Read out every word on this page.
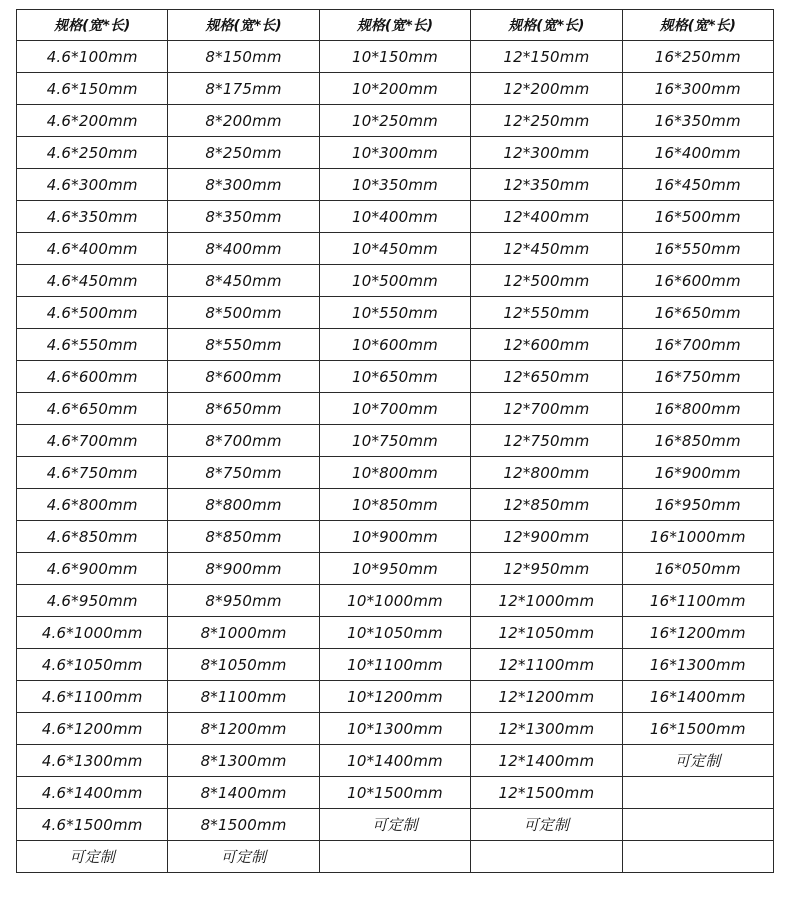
规格(宽*长)	规格(宽*长)	规格(宽*长)	规格(宽*长)	规格(宽*长)
4.6*100mm	8*150mm	10*150mm	12*150mm	16*250mm
4.6*150mm	8*175mm	10*200mm	12*200mm	16*300mm
4.6*200mm	8*200mm	10*250mm	12*250mm	16*350mm
4.6*250mm	8*250mm	10*300mm	12*300mm	16*400mm
4.6*300mm	8*300mm	10*350mm	12*350mm	16*450mm
4.6*350mm	8*350mm	10*400mm	12*400mm	16*500mm
4.6*400mm	8*400mm	10*450mm	12*450mm	16*550mm
4.6*450mm	8*450mm	10*500mm	12*500mm	16*600mm
4.6*500mm	8*500mm	10*550mm	12*550mm	16*650mm
4.6*550mm	8*550mm	10*600mm	12*600mm	16*700mm
4.6*600mm	8*600mm	10*650mm	12*650mm	16*750mm
4.6*650mm	8*650mm	10*700mm	12*700mm	16*800mm
4.6*700mm	8*700mm	10*750mm	12*750mm	16*850mm
4.6*750mm	8*750mm	10*800mm	12*800mm	16*900mm
4.6*800mm	8*800mm	10*850mm	12*850mm	16*950mm
4.6*850mm	8*850mm	10*900mm	12*900mm	16*1000mm
4.6*900mm	8*900mm	10*950mm	12*950mm	16*050mm
4.6*950mm	8*950mm	10*1000mm	12*1000mm	16*1100mm
4.6*1000mm	8*1000mm	10*1050mm	12*1050mm	16*1200mm
4.6*1050mm	8*1050mm	10*1100mm	12*1100mm	16*1300mm
4.6*1100mm	8*1100mm	10*1200mm	12*1200mm	16*1400mm
4.6*1200mm	8*1200mm	10*1300mm	12*1300mm	16*1500mm
4.6*1300mm	8*1300mm	10*1400mm	12*1400mm	可定制
4.6*1400mm	8*1400mm	10*1500mm	12*1500mm	
4.6*1500mm	8*1500mm	可定制	可定制	
可定制	可定制			
